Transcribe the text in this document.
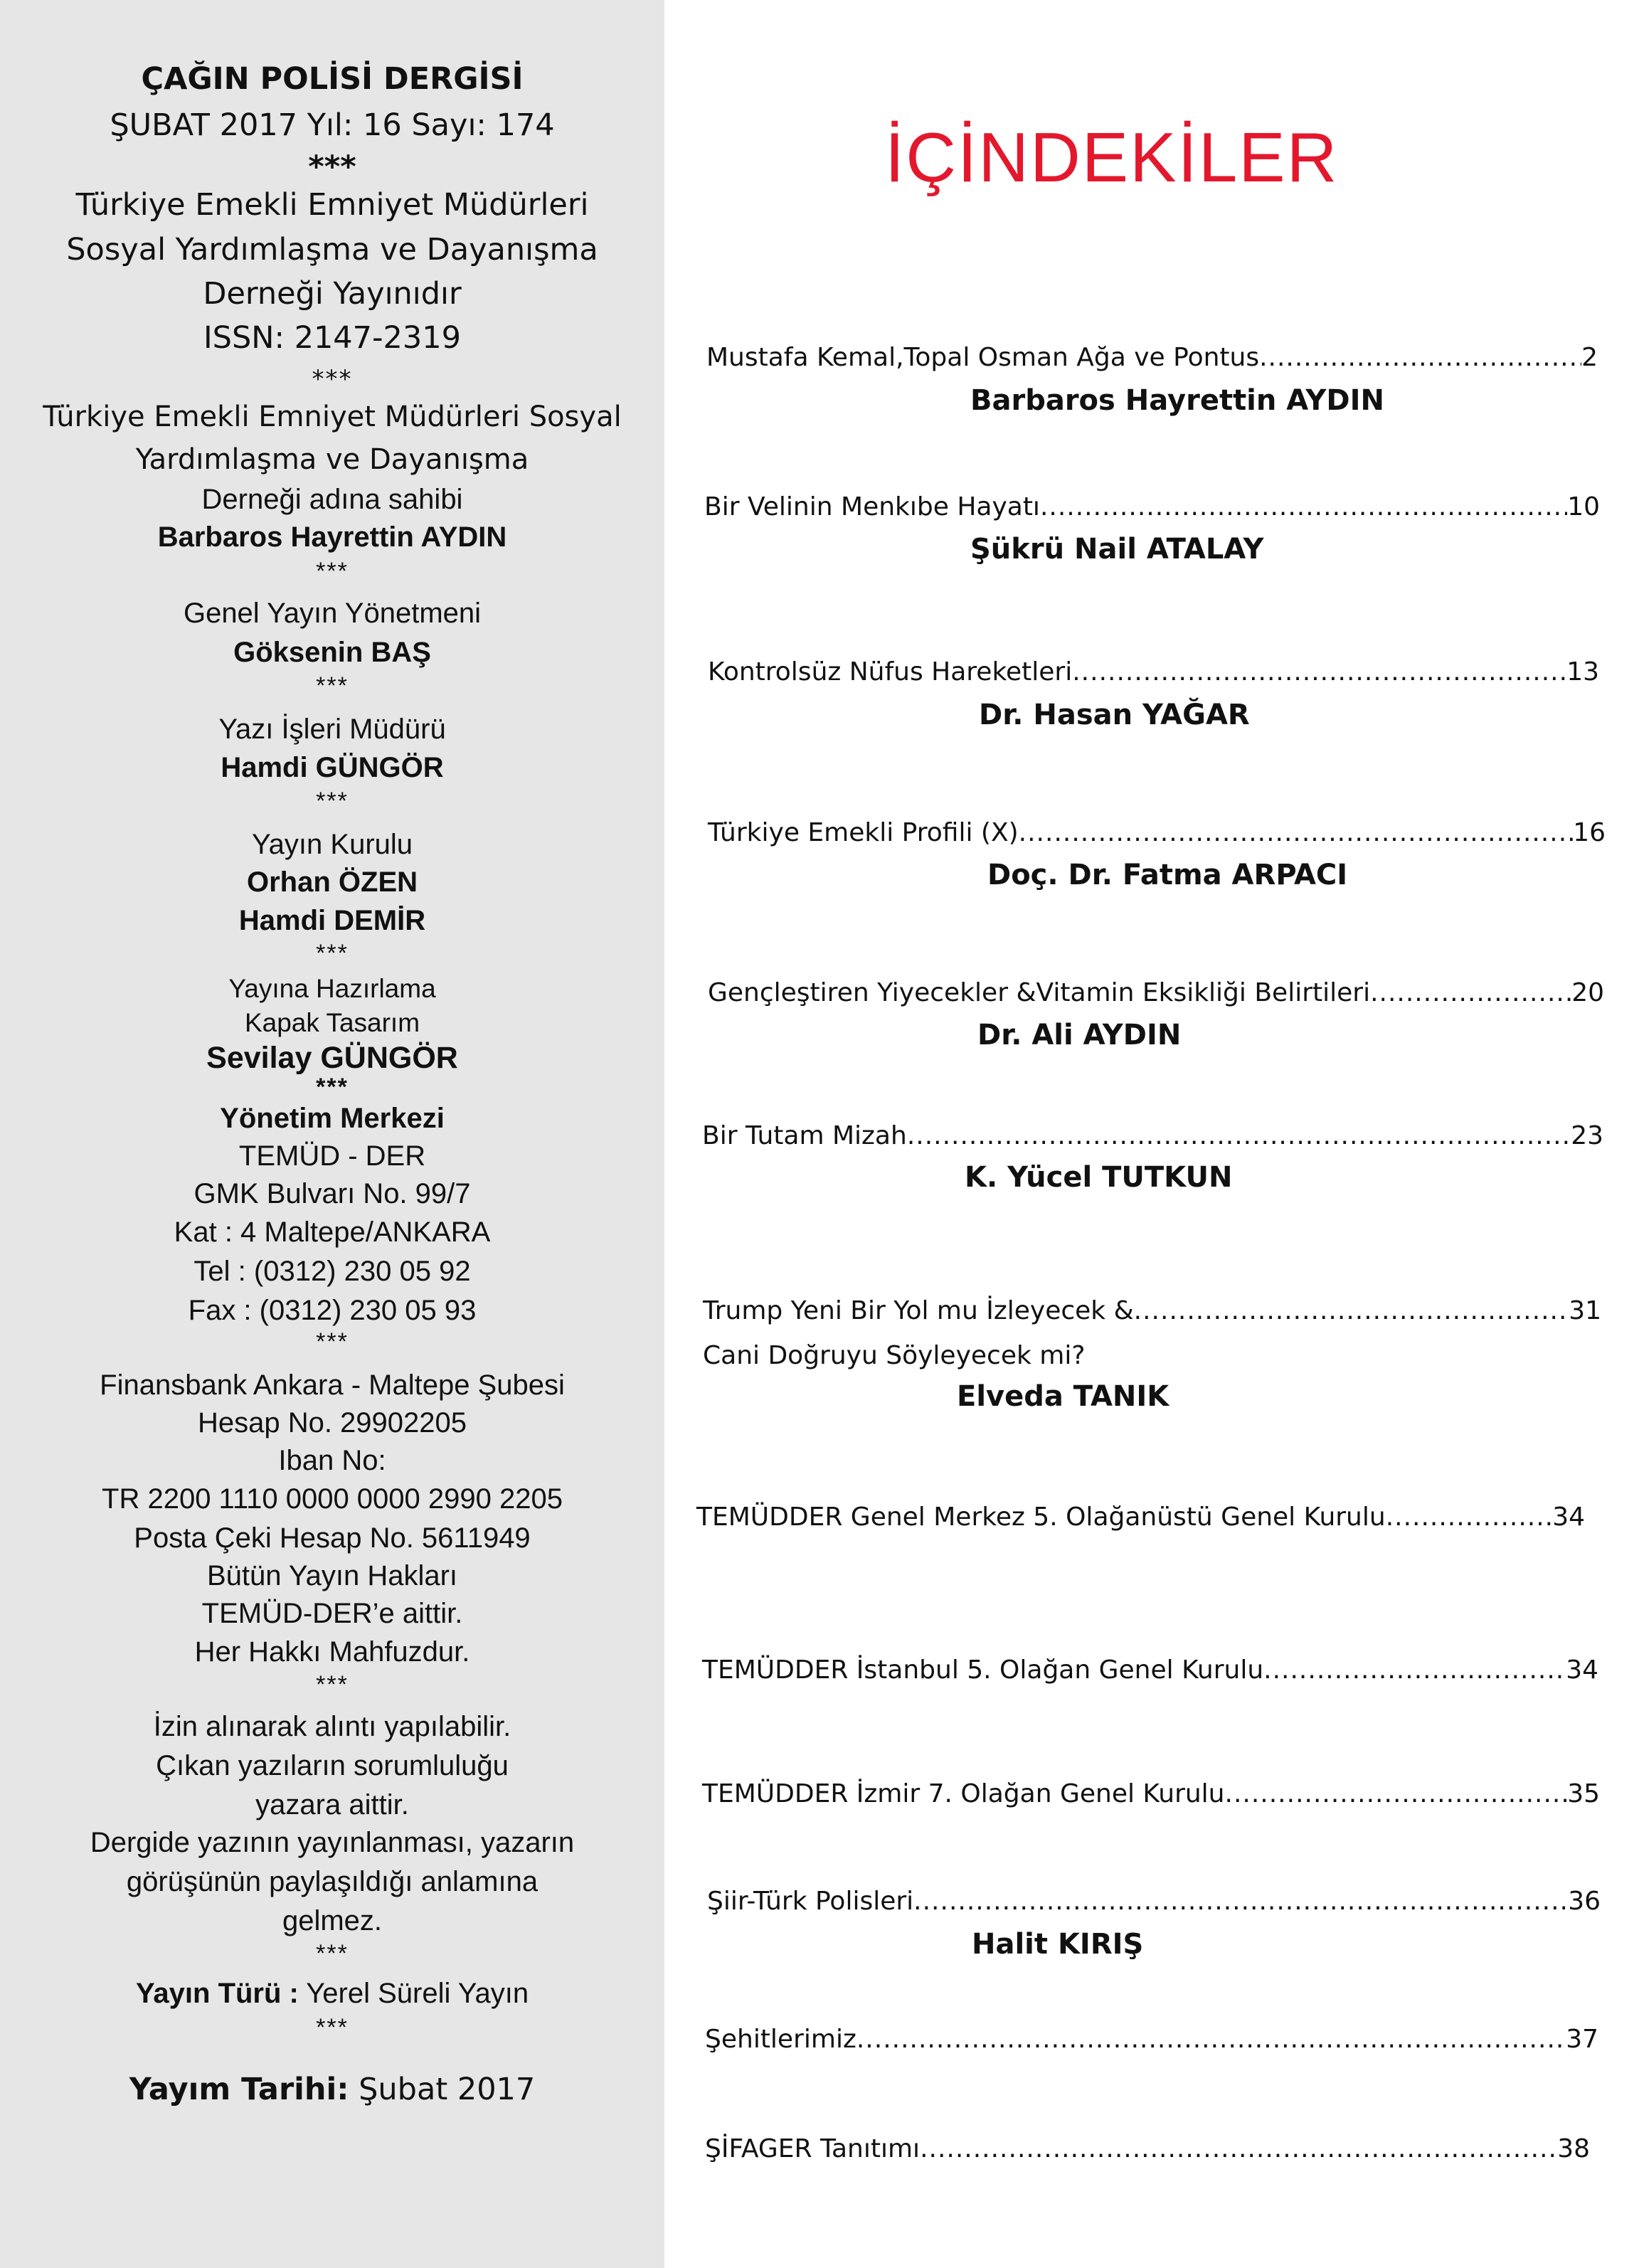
ÇAĞIN POLİSİ DERGİSİ
ŞUBAT 2017 Yıl: 16 Sayı: 174
***
Türkiye Emekli Emniyet Müdürleri
Sosyal Yardımlaşma ve Dayanışma
Derneği Yayınıdır
ISSN: 2147-2319
***
Türkiye Emekli Emniyet Müdürleri Sosyal
Yardımlaşma ve Dayanışma
Derneği adına sahibi
Barbaros Hayrettin AYDIN
***
Genel Yayın Yönetmeni
Göksenin BAŞ
***
Yazı İşleri Müdürü
Hamdi GÜNGÖR
***
Yayın Kurulu
Orhan ÖZEN
Hamdi DEMİR
***
Yayına Hazırlama
Kapak Tasarım
Sevilay GÜNGÖR
***
Yönetim Merkezi
TEMÜD - DER
GMK Bulvarı No. 99/7
Kat : 4 Maltepe/ANKARA
Tel : (0312) 230 05 92
Fax : (0312) 230 05 93
***
Finansbank Ankara - Maltepe Şubesi
Hesap No. 29902205
Iban No:
TR 2200 1110 0000 0000 2990 2205
Posta Çeki Hesap No. 5611949
Bütün Yayın Hakları
TEMÜD-DER’e aittir.
Her Hakkı Mahfuzdur.
***
İzin alınarak alıntı yapılabilir.
Çıkan yazıların sorumluluğu
yazara aittir.
Dergide yazının yayınlanması, yazarın
görüşünün paylaşıldığı anlamına
gelmez.
***
Yayın Türü : Yerel Süreli Yayın
***
Yayım Tarihi: Şubat 2017
İÇİNDEKİLER
Mustafa Kemal,Topal Osman Ağa ve Pontus .....	2
Barbaros Hayrettin AYDIN
Bir Velinin Menkıbe Hayatı .....	10
Şükrü Nail ATALAY
Kontrolsüz Nüfus Hareketleri .....	13
Dr. Hasan YAĞAR
Türkiye Emekli Profili (X) .....	16
Doç. Dr. Fatma ARPACI
Gençleştiren Yiyecekler &Vitamin Eksikliği Belirtileri .....	20
Dr. Ali AYDIN
Bir Tutam Mizah .....	23
K. Yücel TUTKUN
Trump Yeni Bir Yol mu İzleyecek & .....	31
Cani Doğruyu Söyleyecek mi?
Elveda TANIK
TEMÜDDER Genel Merkez 5. Olağanüstü Genel Kurulu .....	34
TEMÜDDER İstanbul 5. Olağan Genel Kurulu .....	34
TEMÜDDER İzmir 7. Olağan Genel Kurulu .....	35
Şiir-Türk Polisleri .....	36
Halit KIRIŞ
Şehitlerimiz .....	37
ŞİFAGER Tanıtımı .....	38
